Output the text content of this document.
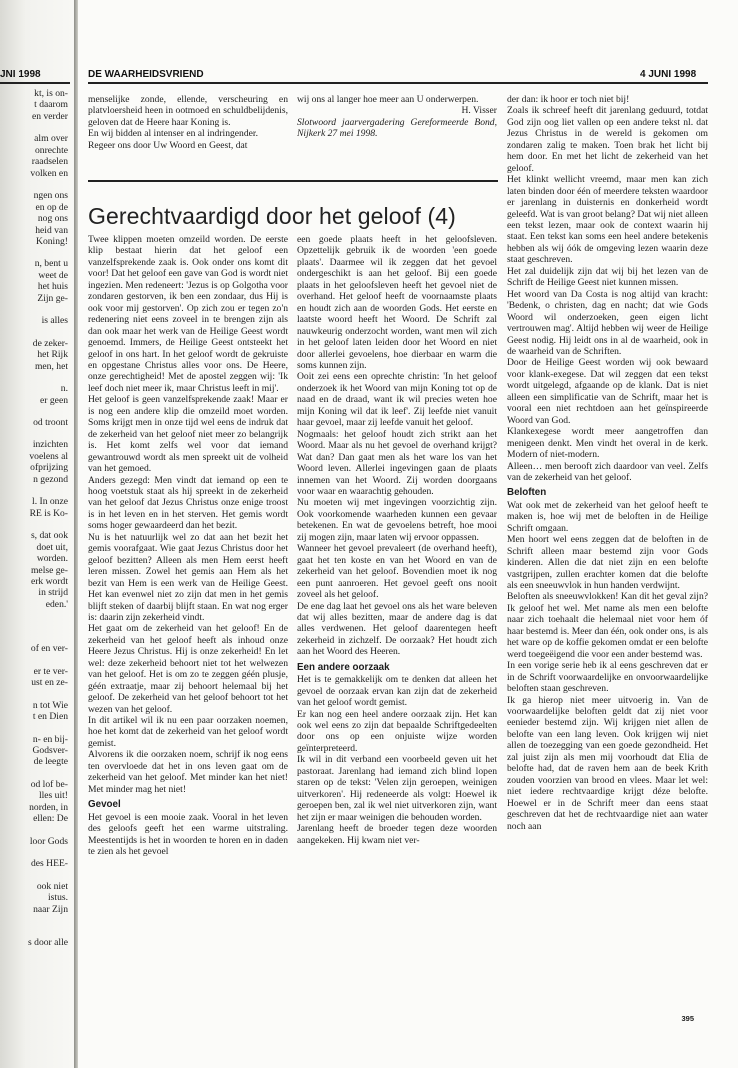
JNI 1998
kt, is on-
t daarom
en verder
alm over
onrechte
raadselen
volken en
ngen ons
en op de
nog ons
heid van
Koning!
n, bent u
weet de
het huis
Zijn ge-
is alles
de zeker-
het Rijk
men, het
n.
er geen
od troont
inzichten
voelens al
ofprijzing
n gezond
l. In onze
RE is Ko-
s, dat ook
doet uit,
worden.
melse ge-
erk wordt
in strijd
eden.'
of en ver-
er te ver-
ust en ze-
n tot Wie
t en Dien
n- en bij-
Godsver-
de leegte
od lof be-
lles uit!
norden, in
ellen: De
loor Gods
des HEE-
ook niet
istus.
naar Zijn
s door alle
DE WAARHEIDSVRIEND	4 JUNI 1998

menselijke zonde, ellende, verscheuring en platvloersheid heen in ootmoed en schuldbelijdenis, geloven dat de Heere haar Koning is.

En wij bidden al intenser en al indringender.

Regeer ons door Uw Woord en Geest, dat

wij ons al langer hoe meer aan U onderwerpen.

H. Visser

Slotwoord jaarvergadering Gereformeerde Bond, Nijkerk 27 mei 1998.

Gerechtvaardigd door het geloof (4)

Twee klippen moeten omzeild worden. De eerste klip bestaat hierin dat het geloof een vanzelfsprekende zaak is. Ook onder ons komt dit voor! Dat het geloof een gave van God is wordt niet ingezien. Men redeneert: 'Jezus is op Golgotha voor zondaren gestorven, ik ben een zondaar, dus Hij is ook voor mij gestorven'. Op zich zou er tegen zo'n redenering niet eens zoveel in te brengen zijn als dan ook maar het werk van de Heilige Geest wordt genoemd. Immers, de Heilige Geest ontsteekt het geloof in ons hart. In het geloof wordt de gekruiste en opgestane Christus alles voor ons. De Heere, onze gerechtigheid! Met de apostel zeggen wij: 'Ik leef doch niet meer ik, maar Christus leeft in mij'.

Het geloof is geen vanzelfsprekende zaak! Maar er is nog een andere klip die omzeild moet worden. Soms krijgt men in onze tijd wel eens de indruk dat de zekerheid van het geloof niet meer zo belangrijk is. Het komt zelfs wel voor dat iemand gewantrouwd wordt als men spreekt uit de volheid van het gemoed.

Anders gezegd: Men vindt dat iemand op een te hoog voetstuk staat als hij spreekt in de zekerheid van het geloof dat Jezus Christus onze enige troost is in het leven en in het sterven. Het gemis wordt soms hoger gewaardeerd dan het bezit.

Nu is het natuurlijk wel zo dat aan het bezit het gemis voorafgaat. Wie gaat Jezus Christus door het geloof bezitten? Alleen als men Hem eerst heeft leren missen. Zowel het gemis aan Hem als het bezit van Hem is een werk van de Heilige Geest. Het kan evenwel niet zo zijn dat men in het gemis blijft steken of daarbij blijft staan. En wat nog erger is: daarin zijn zekerheid vindt.

Het gaat om de zekerheid van het geloof! En de zekerheid van het geloof heeft als inhoud onze Heere Jezus Christus. Hij is onze zekerheid! En let wel: deze zekerheid behoort niet tot het welwezen van het geloof. Het is om zo te zeggen géén plusje, géén extraatje, maar zij behoort helemaal bij het geloof. De zekerheid van het geloof behoort tot het wezen van het geloof.

In dit artikel wil ik nu een paar oorzaken noemen, hoe het komt dat de zekerheid van het geloof wordt gemist.

Alvorens ik die oorzaken noem, schrijf ik nog eens ten overvloede dat het in ons leven gaat om de zekerheid van het geloof. Met minder kan het niet! Met minder mag het niet!

Gevoel

Het gevoel is een mooie zaak. Vooral in het leven des geloofs geeft het een warme uitstraling. Meestentijds is het in woorden te horen en in daden te zien als het gevoel

een goede plaats heeft in het geloofsleven. Opzettelijk gebruik ik de woorden 'een goede plaats'. Daarmee wil ik zeggen dat het gevoel ondergeschikt is aan het geloof. Bij een goede plaats in het geloofsleven heeft het gevoel niet de overhand. Het geloof heeft de voornaamste plaats en houdt zich aan de woorden Gods. Het eerste en laatste woord heeft het Woord. De Schrift zal nauwkeurig onderzocht worden, want men wil zich in het geloof laten leiden door het Woord en niet door allerlei gevoelens, hoe dierbaar en warm die soms kunnen zijn.

Ooit zei eens een oprechte christin: 'In het geloof onderzoek ik het Woord van mijn Koning tot op de naad en de draad, want ik wil precies weten hoe mijn Koning wil dat ik leef'. Zij leefde niet vanuit haar gevoel, maar zij leefde vanuit het geloof.

Nogmaals: het geloof houdt zich strikt aan het Woord. Maar als nu het gevoel de overhand krijgt? Wat dan? Dan gaat men als het ware los van het Woord leven. Allerlei ingevingen gaan de plaats innemen van het Woord. Zij worden doorgaans voor waar en waarachtig gehouden.

Nu moeten wij met ingevingen voorzichtig zijn. Ook voorkomende waarheden kunnen een gevaar betekenen. En wat de gevoelens betreft, hoe mooi zij mogen zijn, maar laten wij ervoor oppassen.

Wanneer het gevoel prevaleert (de overhand heeft), gaat het ten koste en van het Woord en van de zekerheid van het geloof. Bovendien moet ik nog een punt aanroeren. Het gevoel geeft ons nooit zoveel als het geloof.

De ene dag laat het gevoel ons als het ware beleven dat wij alles bezitten, maar de andere dag is dat alles verdwenen. Het geloof daarentegen heeft zekerheid in zichzelf. De oorzaak? Het houdt zich aan het Woord des Heeren.

Een andere oorzaak

Het is te gemakkelijk om te denken dat alleen het gevoel de oorzaak ervan kan zijn dat de zekerheid van het geloof wordt gemist.

Er kan nog een heel andere oorzaak zijn. Het kan ook wel eens zo zijn dat bepaalde Schriftgedeelten door ons op een onjuiste wijze worden geïnterpreteerd.

Ik wil in dit verband een voorbeeld geven uit het pastoraat. Jarenlang had iemand zich blind lopen staren op de tekst: 'Velen zijn geroepen, weinigen uitverkoren'. Hij redeneerde als volgt: Hoewel ik geroepen ben, zal ik wel niet uitverkoren zijn, want het zijn er maar weinigen die behouden worden.

Jarenlang heeft de broeder tegen deze woorden aangekeken. Hij kwam niet ver-

der dan: ik hoor er toch niet bij!

Zoals ik schreef heeft dit jarenlang geduurd, totdat God zijn oog liet vallen op een andere tekst nl. dat Jezus Christus in de wereld is gekomen om zondaren zalig te maken. Toen brak het licht bij hem door. En met het licht de zekerheid van het geloof.

Het klinkt wellicht vreemd, maar men kan zich laten binden door één of meerdere teksten waardoor er jarenlang in duisternis en donkerheid wordt geleefd. Wat is van groot belang? Dat wij niet alleen een tekst lezen, maar ook de context waarin hij staat. Een tekst kan soms een heel andere betekenis hebben als wij óók de omgeving lezen waarin deze staat geschreven.

Het zal duidelijk zijn dat wij bij het lezen van de Schrift de Heilige Geest niet kunnen missen.

Het woord van Da Costa is nog altijd van kracht: 'Bedenk, o christen, dag en nacht; dat wie Gods Woord wil onderzoeken, geen eigen licht vertrouwen mag'. Altijd hebben wij weer de Heilige Geest nodig. Hij leidt ons in al de waarheid, ook in de waarheid van de Schriften.

Door de Heilige Geest worden wij ook bewaard voor klank-exegese. Dat wil zeggen dat een tekst wordt uitgelegd, afgaande op de klank. Dat is niet alleen een simplificatie van de Schrift, maar het is vooral een niet rechtdoen aan het geïnspireerde Woord van God.

Klankexegese wordt meer aangetroffen dan menigeen denkt. Men vindt het overal in de kerk. Modern of niet-modern.

Alleen… men berooft zich daardoor van veel. Zelfs van de zekerheid van het geloof.

Beloften

Wat ook met de zekerheid van het geloof heeft te maken is, hoe wij met de beloften in de Heilige Schrift omgaan.

Men hoort wel eens zeggen dat de beloften in de Schrift alleen maar bestemd zijn voor Gods kinderen. Allen die dat niet zijn en een belofte vastgrijpen, zullen erachter komen dat die belofte als een sneeuwvlok in hun handen verdwijnt.

Beloften als sneeuwvlokken! Kan dit het geval zijn? Ik geloof het wel. Met name als men een belofte naar zich toehaalt die helemaal niet voor hem óf haar bestemd is. Meer dan één, ook onder ons, is als het ware op de koffie gekomen omdat er een belofte werd toegeëigend die voor een ander bestemd was.

In een vorige serie heb ik al eens geschreven dat er in de Schrift voorwaardelijke en onvoorwaardelijke beloften staan geschreven.

Ik ga hierop niet meer uitvoerig in. Van de voorwaardelijke beloften geldt dat zij niet voor eenieder bestemd zijn. Wij krijgen niet allen de belofte van een lang leven. Ook krijgen wij niet allen de toezegging van een goede gezondheid. Het zal juist zijn als men mij voorhoudt dat Elia de belofte had, dat de raven hem aan de beek Krith zouden voorzien van brood en vlees. Maar let wel: niet iedere rechtvaardige krijgt déze belofte. Hoewel er in de Schrift meer dan eens staat geschreven dat het de rechtvaardige niet aan water noch aan

395
